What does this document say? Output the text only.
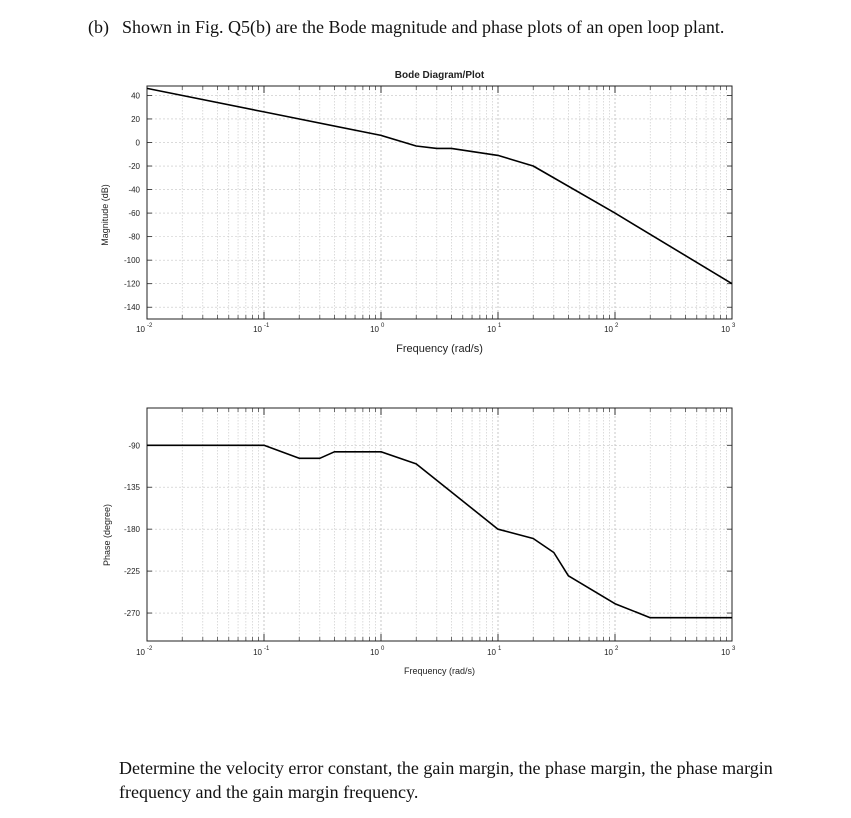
(b) Shown in Fig. Q5(b) are the Bode magnitude and phase plots of an open loop plant.
40
20
0
-20
-40
-60
-80
-100
-120
-140
10 -2	10 -1	10 0	10 1	10 2	10 3
Frequency (rad/s)
Magnitude (dB)
Bode Diagram/Plot
-90
-135
-180
-225
-270
10 -2	10 -1	10 0	10 1	10 2	10 3
Frequency (rad/s)
Phase (degree)
Determine the velocity error constant, the gain margin, the phase margin, the phase margin frequency and the gain margin frequency.
